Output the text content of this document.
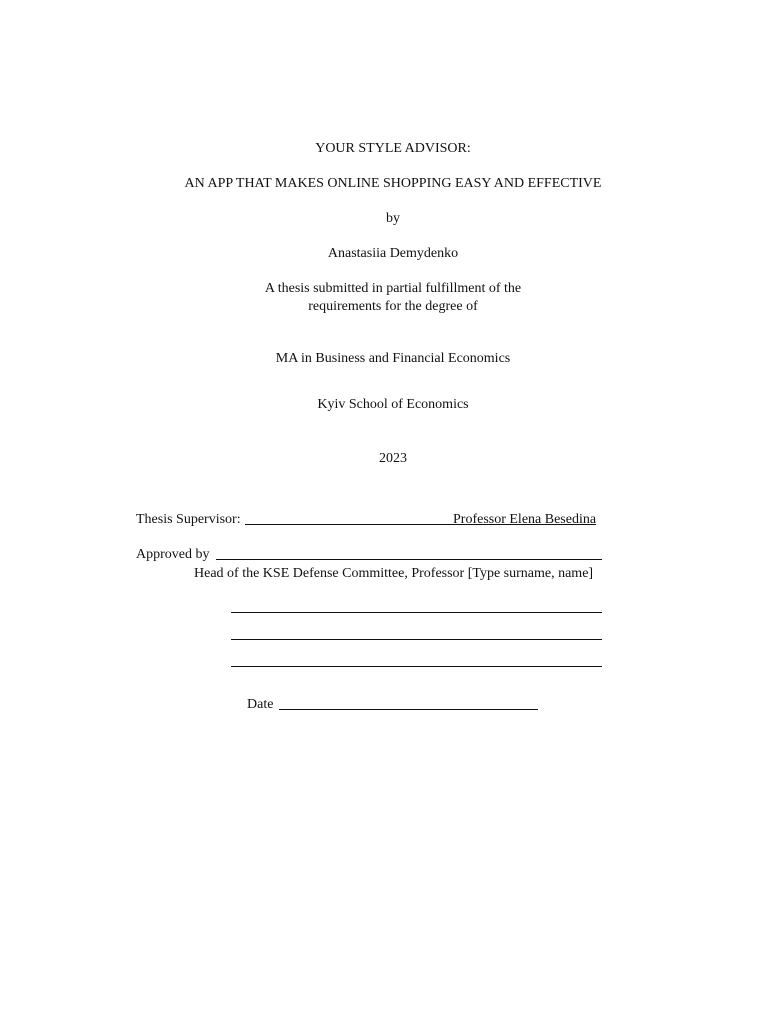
YOUR STYLE ADVISOR:
AN APP THAT MAKES ONLINE SHOPPING EASY AND EFFECTIVE
by
Anastasiia Demydenko
A thesis submitted in partial fulfillment of the
requirements for the degree of
MA in Business and Financial Economics
Kyiv School of Economics
2023
Thesis Supervisor:	Professor Elena Besedina
Approved by
Head of the KSE Defense Committee, Professor [Type surname, name]
Date
